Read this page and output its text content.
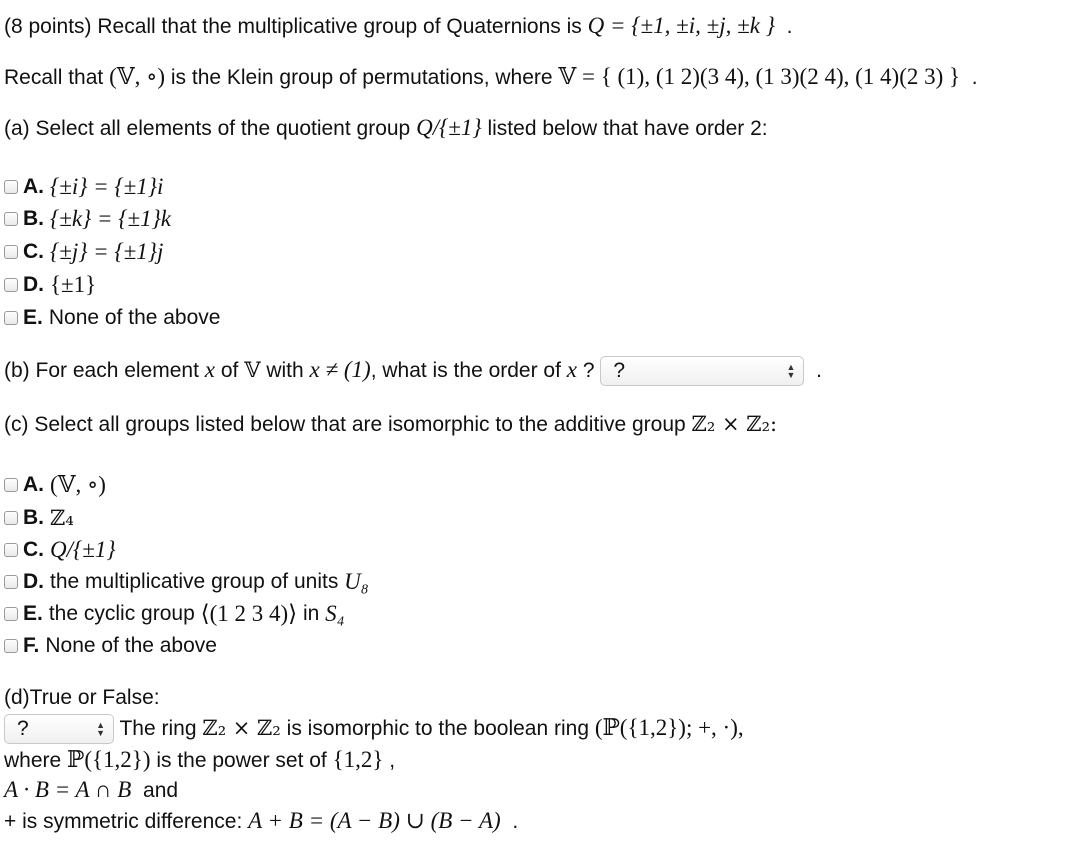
(8 points) Recall that the multiplicative group of Quaternions is Q = {±1, ±i, ±j, ±k }  .
Recall that (𝕍, ∘) is the Klein group of permutations, where 𝕍 = { (1), (1 2)(3 4), (1 3)(2 4), (1 4)(2 3) }  .
(a) Select all elements of the quotient group Q/{±1} listed below that have order 2:
A. {±i} = {±1}i
B. {±k} = {±1}k
C. {±j} = {±1}j
D. {±1}
E. None of the above
(b) For each element x of 𝕍 with x ≠ (1), what is the order of x ? ?	▲
▼ .
(c) Select all groups listed below that are isomorphic to the additive group ℤ₂ × ℤ₂:
A. (𝕍, ∘)
B. ℤ₄
C. Q/{±1}
D. the multiplicative group of units
U₈
E. the cyclic group
⟨(1 2 3 4)⟩
in
S₄
F. None of the above
(d)True or False:
?	▲
▼ The ring ℤ₂ × ℤ₂ is isomorphic to the boolean ring (ℙ({1,2}); +, ·),
where ℙ({1,2}) is the power set of {1,2} ,
A · B = A ∩ B and
+ is symmetric difference: A + B = (A − B) ∪ (B − A) .
